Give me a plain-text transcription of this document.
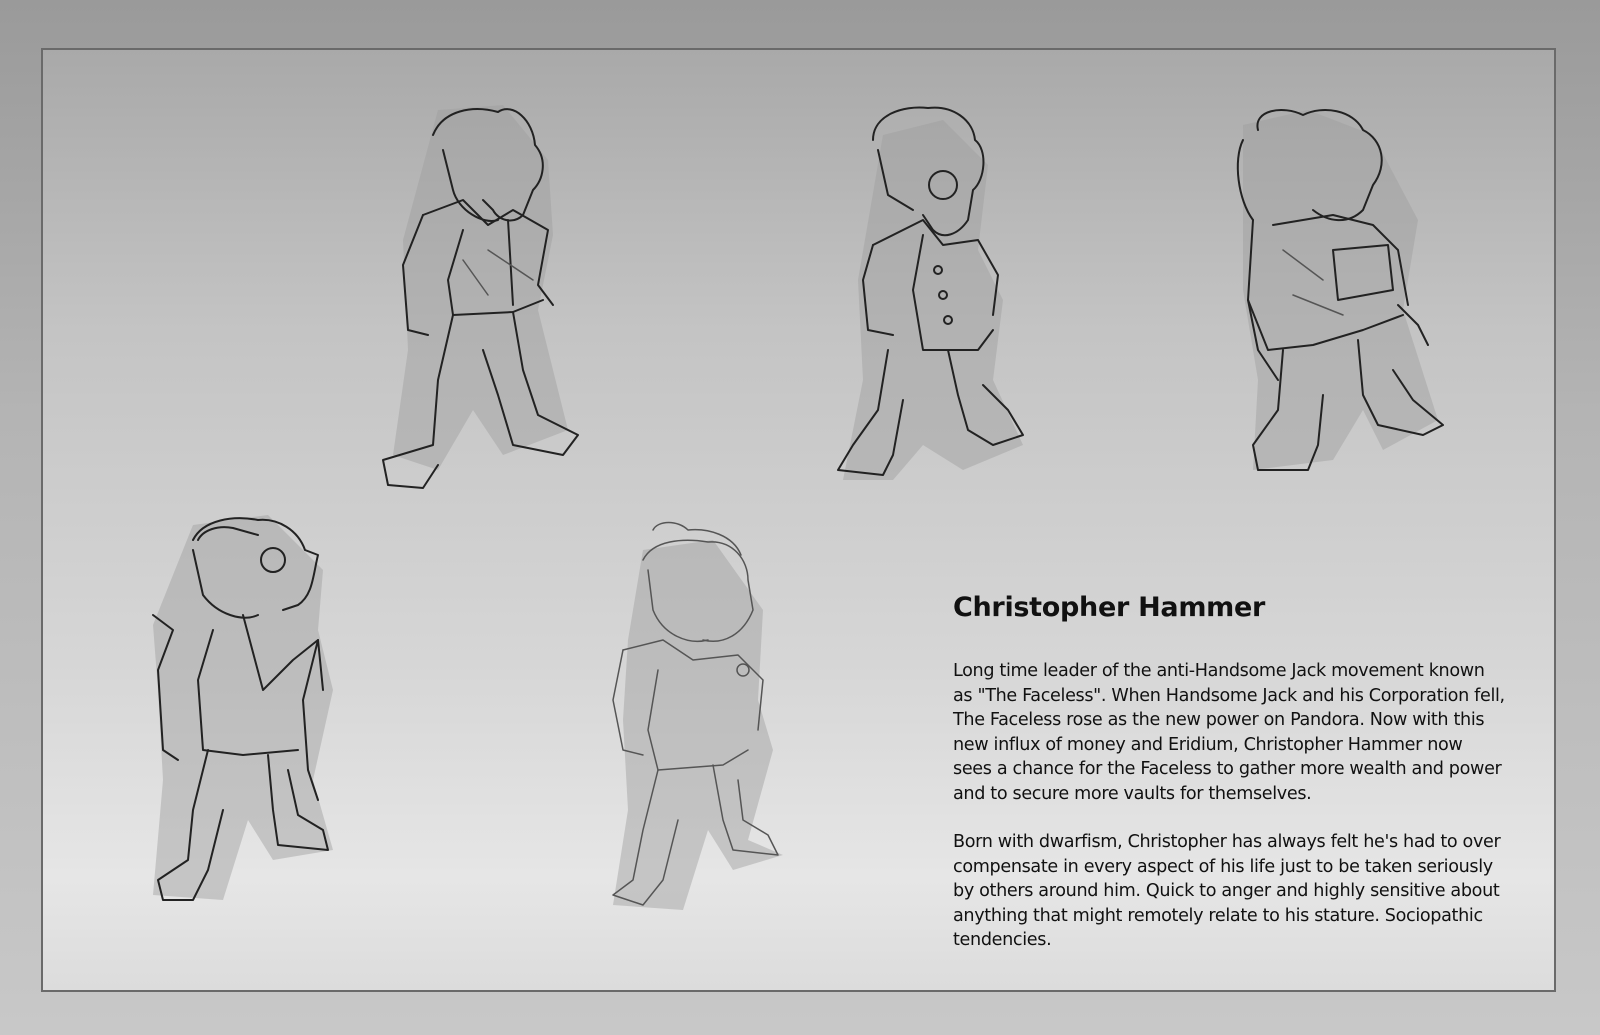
Christopher Hammer

Long time leader of the anti-Handsome Jack movement known
as "The Faceless". When Handsome Jack and his Corporation fell,
The Faceless rose as the new power on Pandora. Now with this
new influx of money and Eridium, Christopher Hammer now
sees a chance for the Faceless to gather more wealth and power
and to secure more vaults for themselves.

Born with dwarfism, Christopher has always felt he's had to over
compensate in every aspect of his life just to be taken seriously
by others around him. Quick to anger and highly sensitive about
anything that might remotely relate to his stature. Sociopathic
tendencies.
